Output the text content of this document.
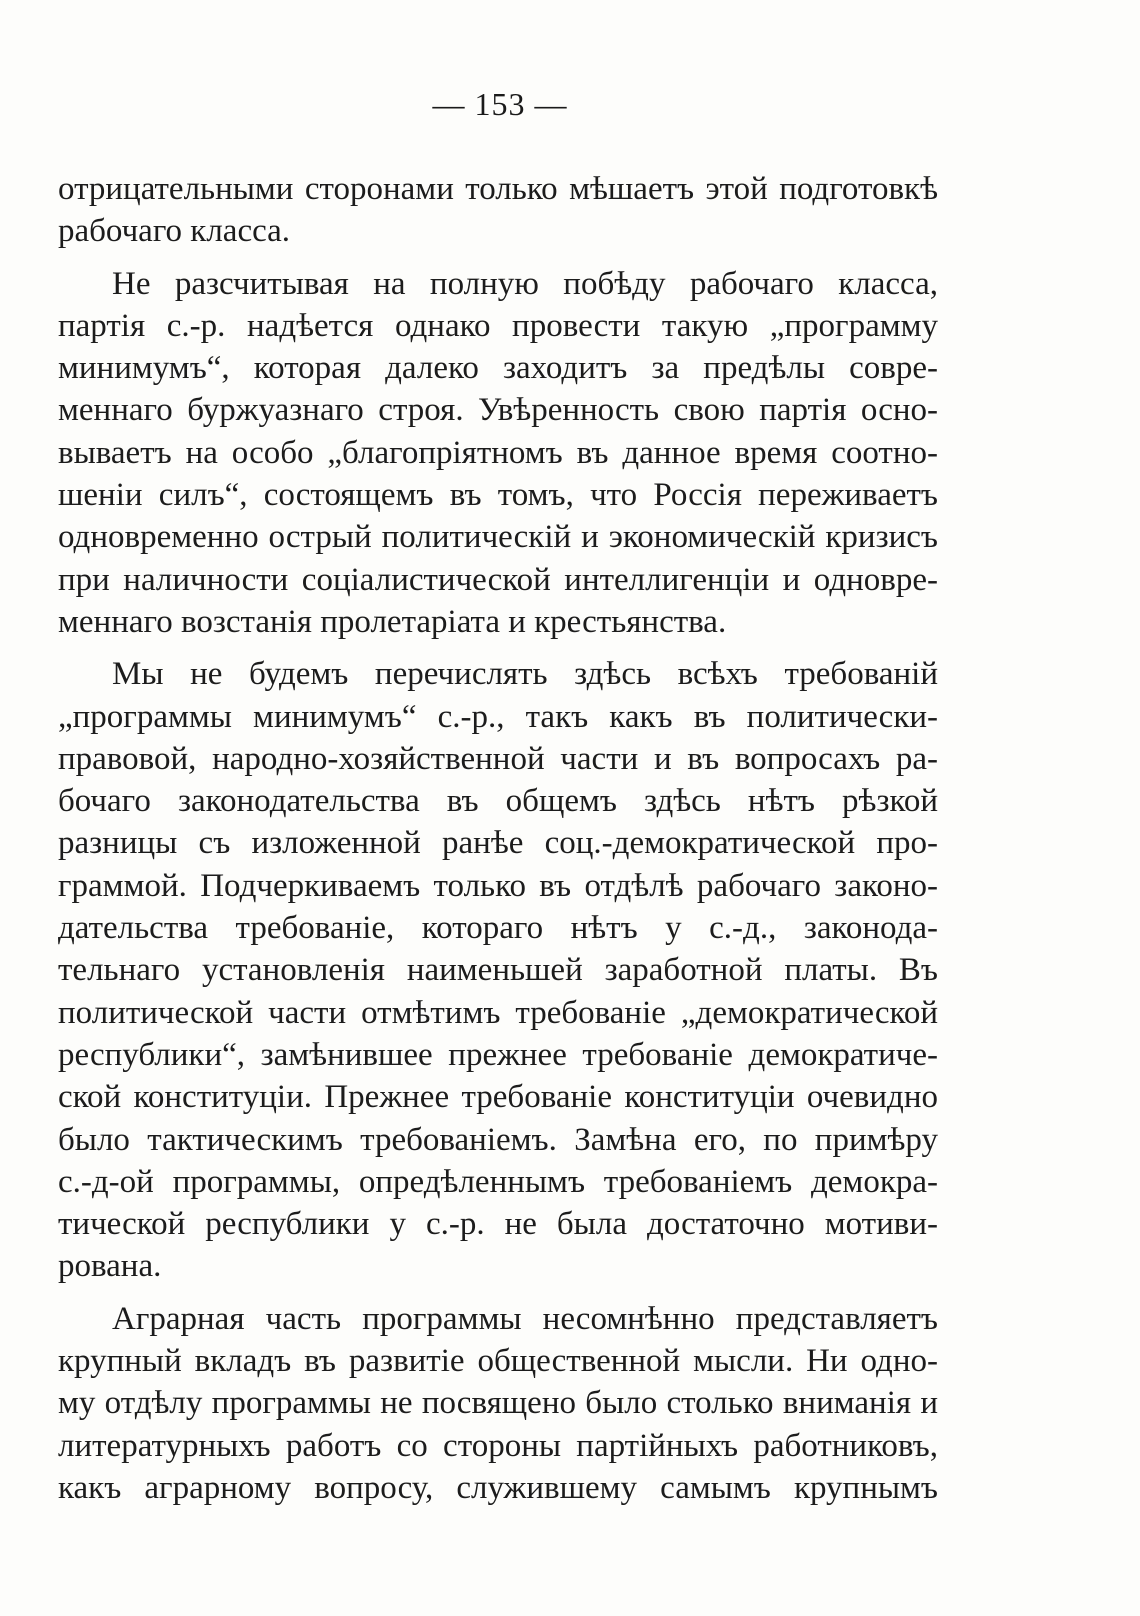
— 153 —
отрицательными сторонами только мѣшаетъ этой подготовкѣ
рабочаго класса.
Не разсчитывая на полную побѣду рабочаго класса,
партія с.-р. надѣется однако провести такую „программу
минимумъ“, которая далеко заходитъ за предѣлы совре-
меннаго буржуазнаго строя. Увѣренность свою партія осно-
вываетъ на особо „благопріятномъ въ данное время соотно-
шеніи силъ“, состоящемъ въ томъ, что Россія переживаетъ
одновременно острый политическій и экономическій кризисъ
при наличности соціалистической интеллигенціи и одновре-
меннаго возстанія пролетаріата и крестьянства.
Мы не будемъ перечислять здѣсь всѣхъ требованій
„программы минимумъ“ с.-р., такъ какъ въ политически-
правовой, народно-хозяйственной части и въ вопросахъ ра-
бочаго законодательства въ общемъ здѣсь нѣтъ рѣзкой
разницы съ изложенной ранѣе соц.-демократической про-
граммой. Подчеркиваемъ только въ отдѣлѣ рабочаго законо-
дательства требованіе, котораго нѣтъ у с.-д., законода-
тельнаго установленія наименьшей заработной платы. Въ
политической части отмѣтимъ требованіе „демократической
республики“, замѣнившее прежнее требованіе демократиче-
ской конституціи. Прежнее требованіе конституціи очевидно
было тактическимъ требованіемъ. Замѣна его, по примѣру
с.-д-ой программы, опредѣленнымъ требованіемъ демокра-
тической республики у с.-р. не была достаточно мотиви-
рована.
Аграрная часть программы несомнѣнно представляетъ
крупный вкладъ въ развитіе общественной мысли. Ни одно-
му отдѣлу программы не посвящено было столько вниманія и
литературныхъ работъ со стороны партійныхъ работниковъ,
какъ аграрному вопросу, служившему самымъ крупнымъ
